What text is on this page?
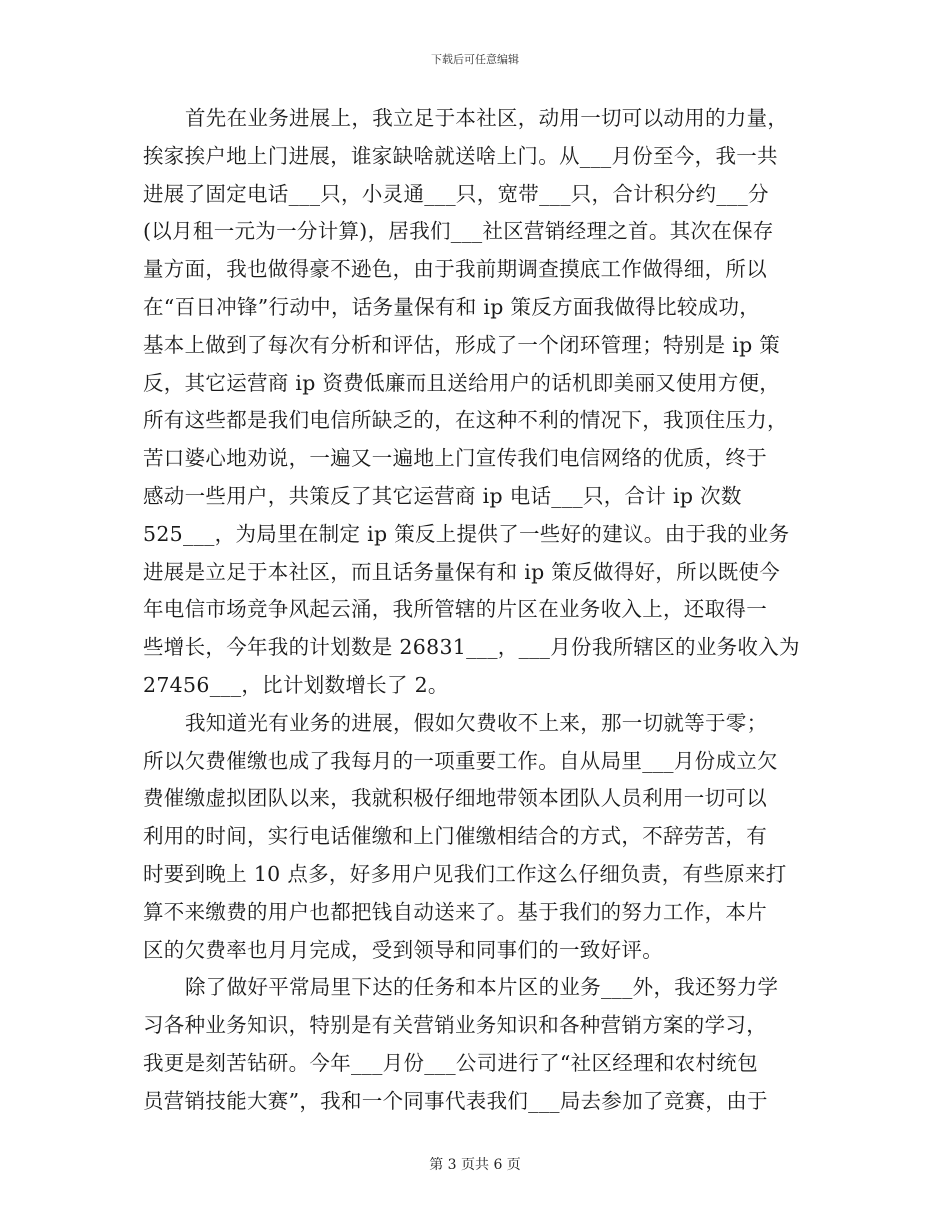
下载后可任意编辑
首先在业务进展上，我立足于本社区，动用一切可以动用的力量，
挨家挨户地上门进展，谁家缺啥就送啥上门。从___月份至今，我一共
进展了固定电话___只，小灵通___只，宽带___只，合计积分约___分
(以月租一元为一分计算)，居我们___社区营销经理之首。其次在保存
量方面，我也做得豪不逊色，由于我前期调查摸底工作做得细，所以
在“百日冲锋”行动中，话务量保有和 ip 策反方面我做得比较成功，
基本上做到了每次有分析和评估，形成了一个闭环管理；特别是 ip 策
反，其它运营商 ip 资费低廉而且送给用户的话机即美丽又使用方便，
所有这些都是我们电信所缺乏的，在这种不利的情况下，我顶住压力，
苦口婆心地劝说，一遍又一遍地上门宣传我们电信网络的优质，终于
感动一些用户，共策反了其它运营商 ip 电话___只，合计 ip 次数
525___，为局里在制定 ip 策反上提供了一些好的建议。由于我的业务
进展是立足于本社区，而且话务量保有和 ip 策反做得好，所以既使今
年电信市场竞争风起云涌，我所管辖的片区在业务收入上，还取得一
些增长，今年我的计划数是 26831___，___月份我所辖区的业务收入为
27456___，比计划数增长了 2。
我知道光有业务的进展，假如欠费收不上来，那一切就等于零；
所以欠费催缴也成了我每月的一项重要工作。自从局里___月份成立欠
费催缴虚拟团队以来，我就积极仔细地带领本团队人员利用一切可以
利用的时间，实行电话催缴和上门催缴相结合的方式，不辞劳苦，有
时要到晚上 10 点多，好多用户见我们工作这么仔细负责，有些原来打
算不来缴费的用户也都把钱自动送来了。基于我们的努力工作，本片
区的欠费率也月月完成，受到领导和同事们的一致好评。
除了做好平常局里下达的任务和本片区的业务___外，我还努力学
习各种业务知识，特别是有关营销业务知识和各种营销方案的学习，
我更是刻苦钻研。今年___月份___公司进行了“社区经理和农村统包
员营销技能大赛”，我和一个同事代表我们___局去参加了竞赛，由于
第 3 页共 6 页
